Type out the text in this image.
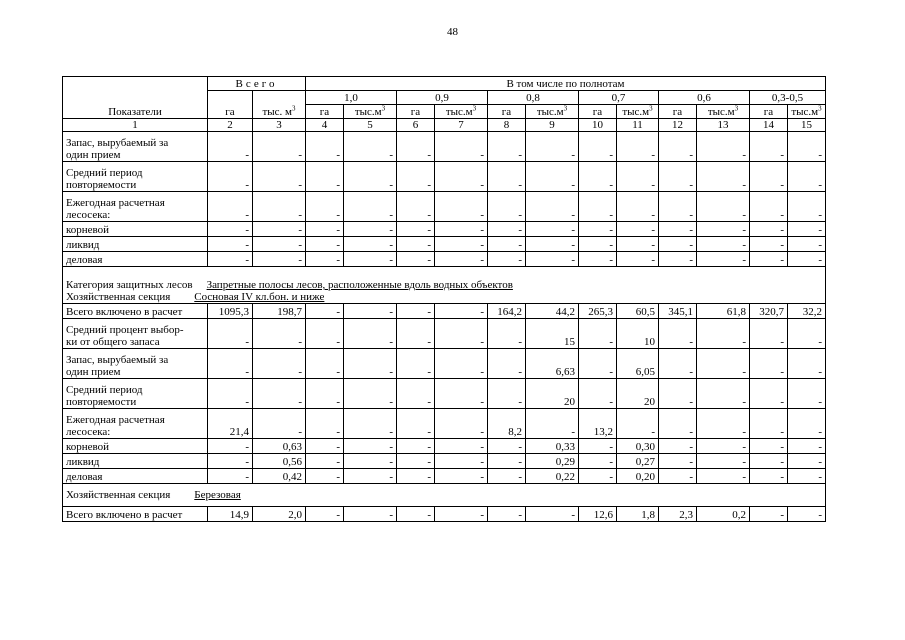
48
Показатели	Всего		В том числе по полнотам											
	га	тыс. $м^3$	1,0		0,9		0,8		0,7		0,6		0,3-0,5	
			га	$тыс.м^3$	га	$тыс.м^3$	га	$тыс.м^3$	га	$тыс.м^3$	га	$тыс.м^3$	га	$тыс.м^3$
1	2	3	4	5	6	7	8	9	10	11	12	13	14	15

Запас, вырубаемый за
один прием	-	-	-	-	-	-	-	-	-	-	-	-	-	-

Средний период
повторяемости	-	-	-	-	-	-	-	-	-	-	-	-	-	-

Ежегодная расчетная
лесосека:	-	-	-	-	-	-	-	-	-	-	-	-	-	-

корневой	-	-	-	-	-	-	-	-	-	-	-	-	-	-

ликвид	-	-	-	-	-	-	-	-	-	-	-	-	-	-

деловая	-	-	-	-	-	-	-	-	-	-	-	-	-	-

Категория защитных лесов Запретные полосы лесов, расположенные вдоль водных объектов
Хозяйственная секция Сосновая IV кл.бон. и ниже														

Всего включено в расчет	1095,3	198,7	-	-	-	-	164,2	44,2	265,3	60,5	345,1	61,8	320,7	32,2

Средний процент выбор-
ки от общего запаса	-	-	-	-	-	-	-	15	-	10	-	-	-	-

Запас, вырубаемый за
один прием	-	-	-	-	-	-	-	6,63	-	6,05	-	-	-	-

Средний период
повторяемости	-	-	-	-	-	-	-	20	-	20	-	-	-	-

Ежегодная расчетная
лесосека:	21,4	-	-	-	-	-	8,2	-	13,2	-	-	-	-	-

корневой	-	0,63	-	-	-	-	-	0,33	-	0,30	-	-	-	-

ликвид	-	0,56	-	-	-	-	-	0,29	-	0,27	-	-	-	-

деловая	-	0,42	-	-	-	-	-	0,22	-	0,20	-	-	-	-
Хозяйственная секция Березовая														

Всего включено в расчет	14,9	2,0	-	-	-	-	-	-	12,6	1,8	2,3	0,2	-	-
